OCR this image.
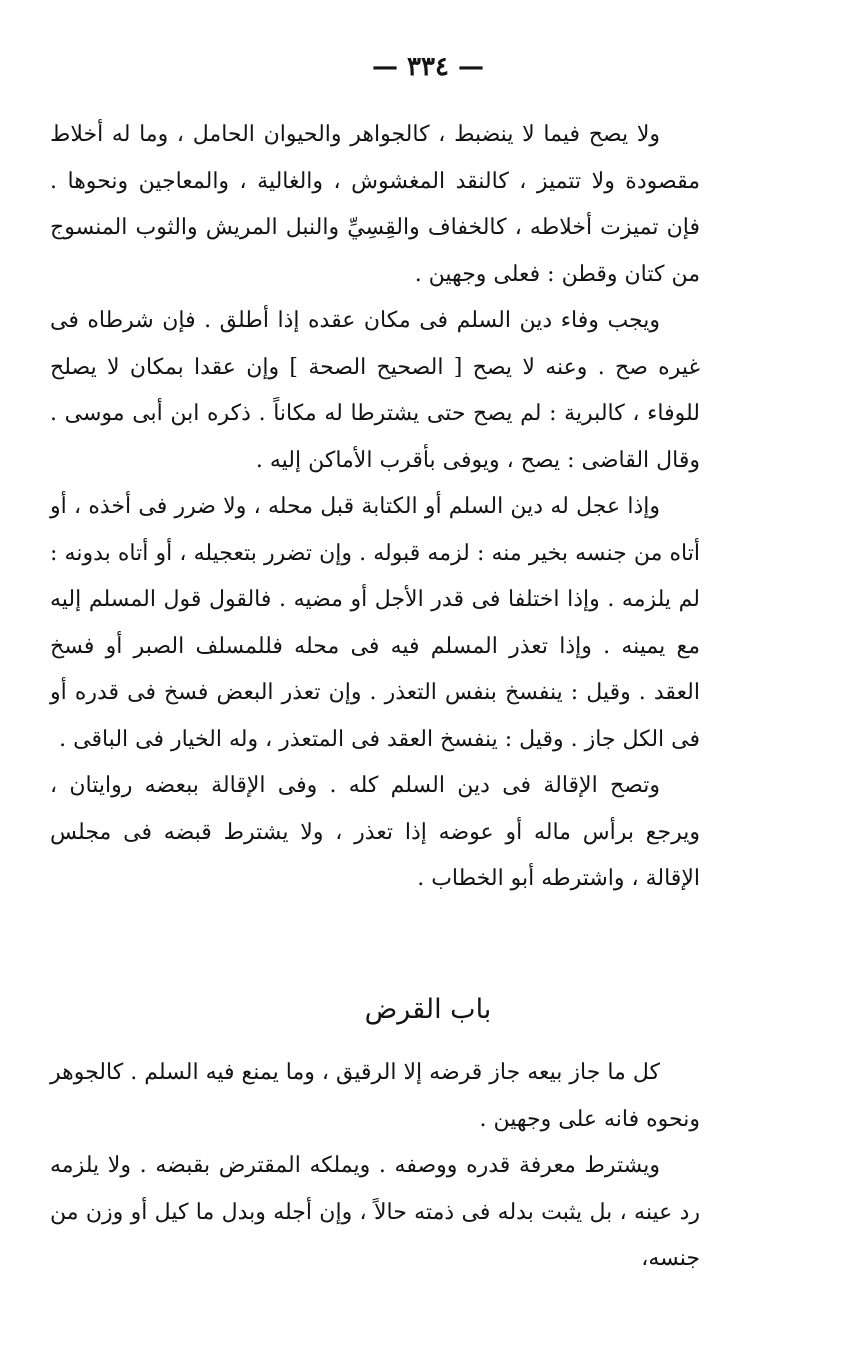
— ٣٣٤ —

ولا يصح فيما لا ينضبط ، كالجواهر والحيوان الحامل ، وما له أخلاط مقصودة ولا تتميز ، كالنقد المغشوش ، والغالية ، والمعاجين ونحوها . فإن تميزت أخلاطه ، كالخفاف والقِسِيِّ والنبل المريش والثوب المنسوج من كتان وقطن : فعلى وجهين .

ويجب وفاء دين السلم فى مكان عقده إذا أطلق . فإن شرطاه فى غيره صح . وعنه لا يصح [ الصحيح الصحة ] وإن عقدا بمكان لا يصلح للوفاء ، كالبرية : لم يصح حتى يشترطا له مكاناً . ذكره ابن أبى موسى . وقال القاضى : يصح ، ويوفى بأقرب الأماكن إليه .

وإذا عجل له دين السلم أو الكتابة قبل محله ، ولا ضرر فى أخذه ، أو أتاه من جنسه بخير منه : لزمه قبوله . وإن تضرر بتعجيله ، أو أتاه بدونه : لم يلزمه . وإذا اختلفا فى قدر الأجل أو مضيه . فالقول قول المسلم إليه مع يمينه . وإذا تعذر المسلم فيه فى محله فللمسلف الصبر أو فسخ العقد . وقيل : ينفسخ بنفس التعذر . وإن تعذر البعض فسخ فى قدره أو فى الكل جاز . وقيل : ينفسخ العقد فى المتعذر ، وله الخيار فى الباقى .

وتصح الإقالة فى دين السلم كله . وفى الإقالة ببعضه روايتان ، ويرجع برأس ماله أو عوضه إذا تعذر ، ولا يشترط قبضه فى مجلس الإقالة ، واشترطه أبو الخطاب .

باب القرض

كل ما جاز بيعه جاز قرضه إلا الرقيق ، وما يمنع فيه السلم . كالجوهر ونحوه فانه على وجهين .

ويشترط معرفة قدره ووصفه . ويملكه المقترض بقبضه . ولا يلزمه رد عينه ، بل يثبت بدله فى ذمته حالاً ، وإن أجله وبدل ما كيل أو وزن من جنسه،
